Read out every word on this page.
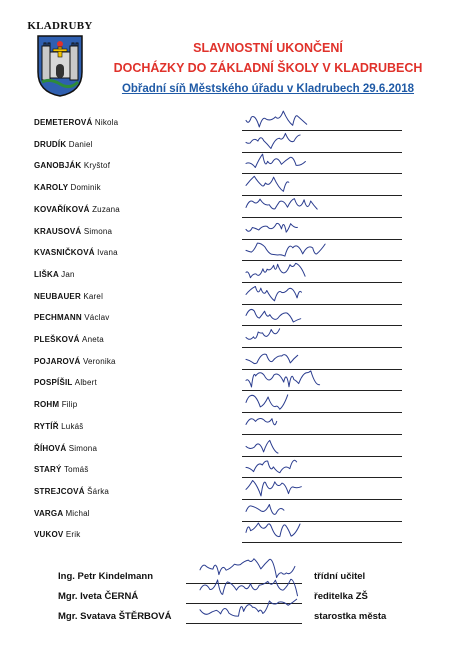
KLADRUBY
SLAVNOSTNÍ UKONČENÍ
DOCHÁZKY DO ZÁKLADNÍ ŠKOLY V KLADRUBECH
Obřadní síň Městského úřadu v Kladrubech 29.6.2018
DEMETEROVÁ Nikola
DRUDÍK Daniel
GANOBJÁK Kryštof
KAROLY Dominik
KOVAŘÍKOVÁ Zuzana
KRAUSOVÁ Simona
KVASNIČKOVÁ Ivana
LIŠKA Jan
NEUBAUER Karel
PECHMANN Václav
PLEŠKOVÁ Aneta
POJAROVÁ Veronika
POSPÍŠIL Albert
ROHM Filip
RYTÍŘ Lukáš
ŘÍHOVÁ Simona
STARÝ Tomáš
STREJCOVÁ Šárka
VARGA Michal
VUKOV Erik
Ing. Petr Kindelmann	třídní učitel
Mgr. Iveta ČERNÁ	ředitelka ZŠ
Mgr. Svatava ŠTĚRBOVÁ	starostka města
